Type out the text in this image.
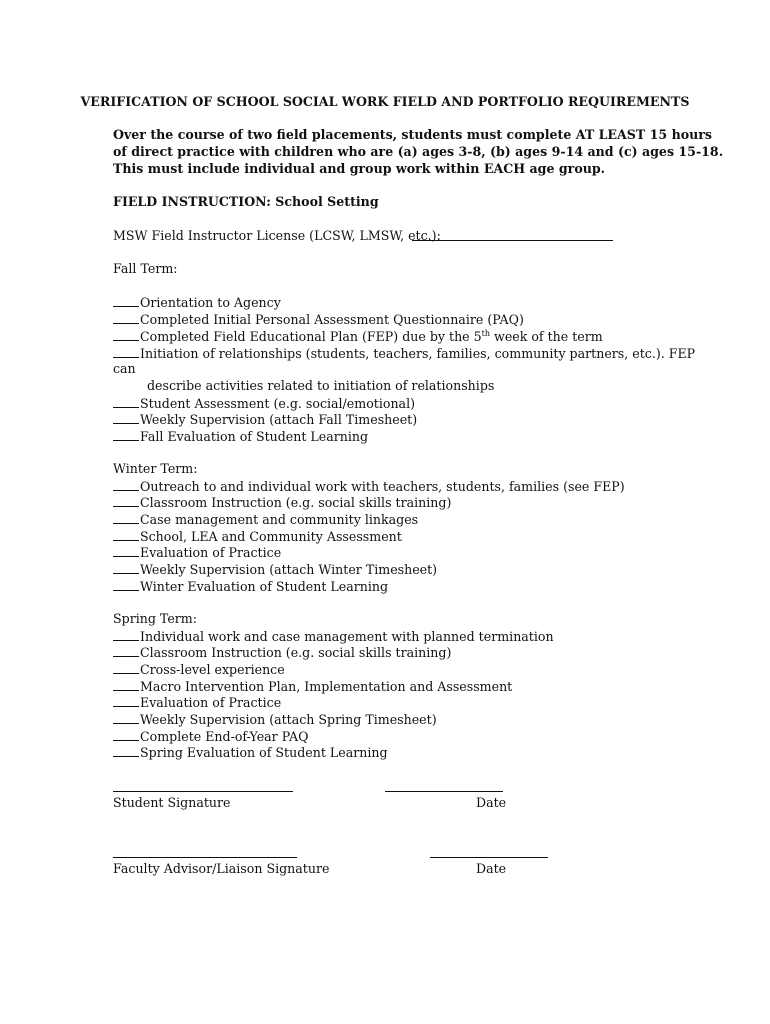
VERIFICATION OF SCHOOL SOCIAL WORK FIELD AND PORTFOLIO REQUIREMENTS
Over the course of two field placements, students must complete AT LEAST 15 hours
of direct practice with children who are (a) ages 3-8, (b) ages 9-14 and (c) ages 15-18.
This must include individual and group work within EACH age group.
FIELD INSTRUCTION: School Setting
MSW Field Instructor License (LCSW, LMSW, etc.):
Fall Term:
Orientation to Agency
Completed Initial Personal Assessment Questionnaire (PAQ)
Completed Field Educational Plan (FEP) due by the 5th week of the term
Initiation of relationships (students, teachers, families, community partners, etc.). FEP
can
describe activities related to initiation of relationships
Student Assessment (e.g. social/emotional)
Weekly Supervision (attach Fall Timesheet)
Fall Evaluation of Student Learning
Winter Term:
Outreach to and individual work with teachers, students, families (see FEP)
Classroom Instruction (e.g. social skills training)
Case management and community linkages
School, LEA and Community Assessment
Evaluation of Practice
Weekly Supervision (attach Winter Timesheet)
Winter Evaluation of Student Learning
Spring Term:
Individual work and case management with planned termination
Classroom Instruction (e.g. social skills training)
Cross-level experience
Macro Intervention Plan, Implementation and Assessment
Evaluation of Practice
Weekly Supervision (attach Spring Timesheet)
Complete End-of-Year PAQ
Spring Evaluation of Student Learning
Student Signature	Date
Faculty Advisor/Liaison Signature	Date
